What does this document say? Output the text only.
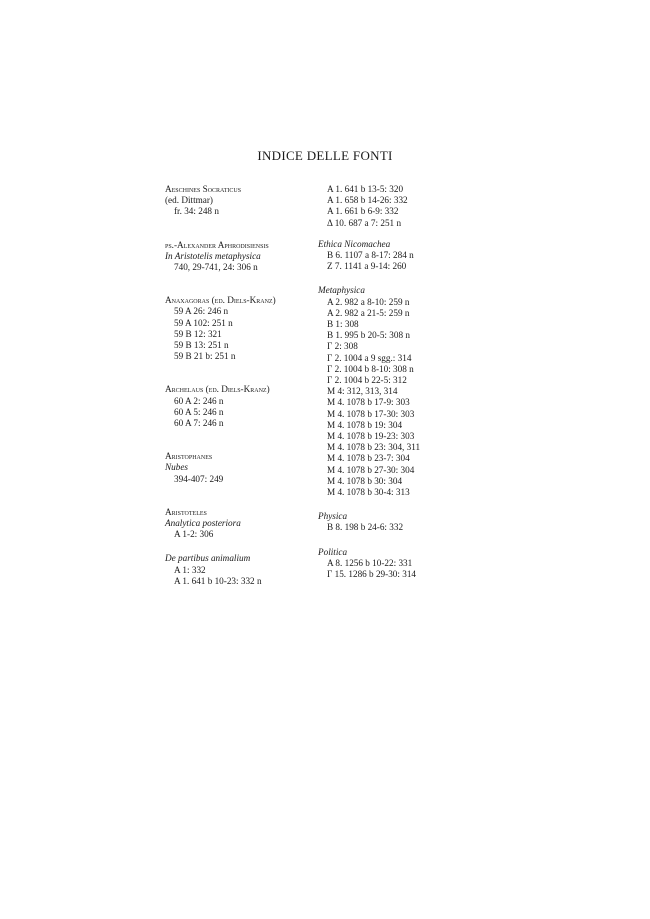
INDICE DELLE FONTI
Aeschines Socraticus
(ed. Dittmar)
fr. 34: 248 n
ps.-Alexander Aphrodisiensis
In Aristotelis metaphysica
740, 29-741, 24: 306 n
Anaxagoras (ed. Diels-Kranz)
59 A 26: 246 n
59 A 102: 251 n
59 B 12: 321
59 B 13: 251 n
59 B 21 b: 251 n
Archelaus (ed. Diels-Kranz)
60 A 2: 246 n
60 A 5: 246 n
60 A 7: 246 n
Aristophanes
Nubes
394-407: 249
Aristoteles
Analytica posteriora
A 1-2: 306
De partibus animalium
A 1: 332
A 1. 641 b 10-23: 332 n
A 1. 641 b 13-5: 320
A 1. 658 b 14-26: 332
A 1. 661 b 6-9: 332
Δ 10. 687 a 7: 251 n
Ethica Nicomachea
B 6. 1107 a 8-17: 284 n
Z 7. 1141 a 9-14: 260
Metaphysica
A 2. 982 a 8-10: 259 n
A 2. 982 a 21-5: 259 n
B 1: 308
B 1. 995 b 20-5: 308 n
Γ 2: 308
Γ 2. 1004 a 9 sgg.: 314
Γ 2. 1004 b 8-10: 308 n
Γ 2. 1004 b 22-5: 312
M 4: 312, 313, 314
M 4. 1078 b 17-9: 303
M 4. 1078 b 17-30: 303
M 4. 1078 b 19: 304
M 4. 1078 b 19-23: 303
M 4. 1078 b 23: 304, 311
M 4. 1078 b 23-7: 304
M 4. 1078 b 27-30: 304
M 4. 1078 b 30: 304
M 4. 1078 b 30-4: 313
Physica
B 8. 198 b 24-6: 332
Politica
A 8. 1256 b 10-22: 331
Γ 15. 1286 b 29-30: 314
